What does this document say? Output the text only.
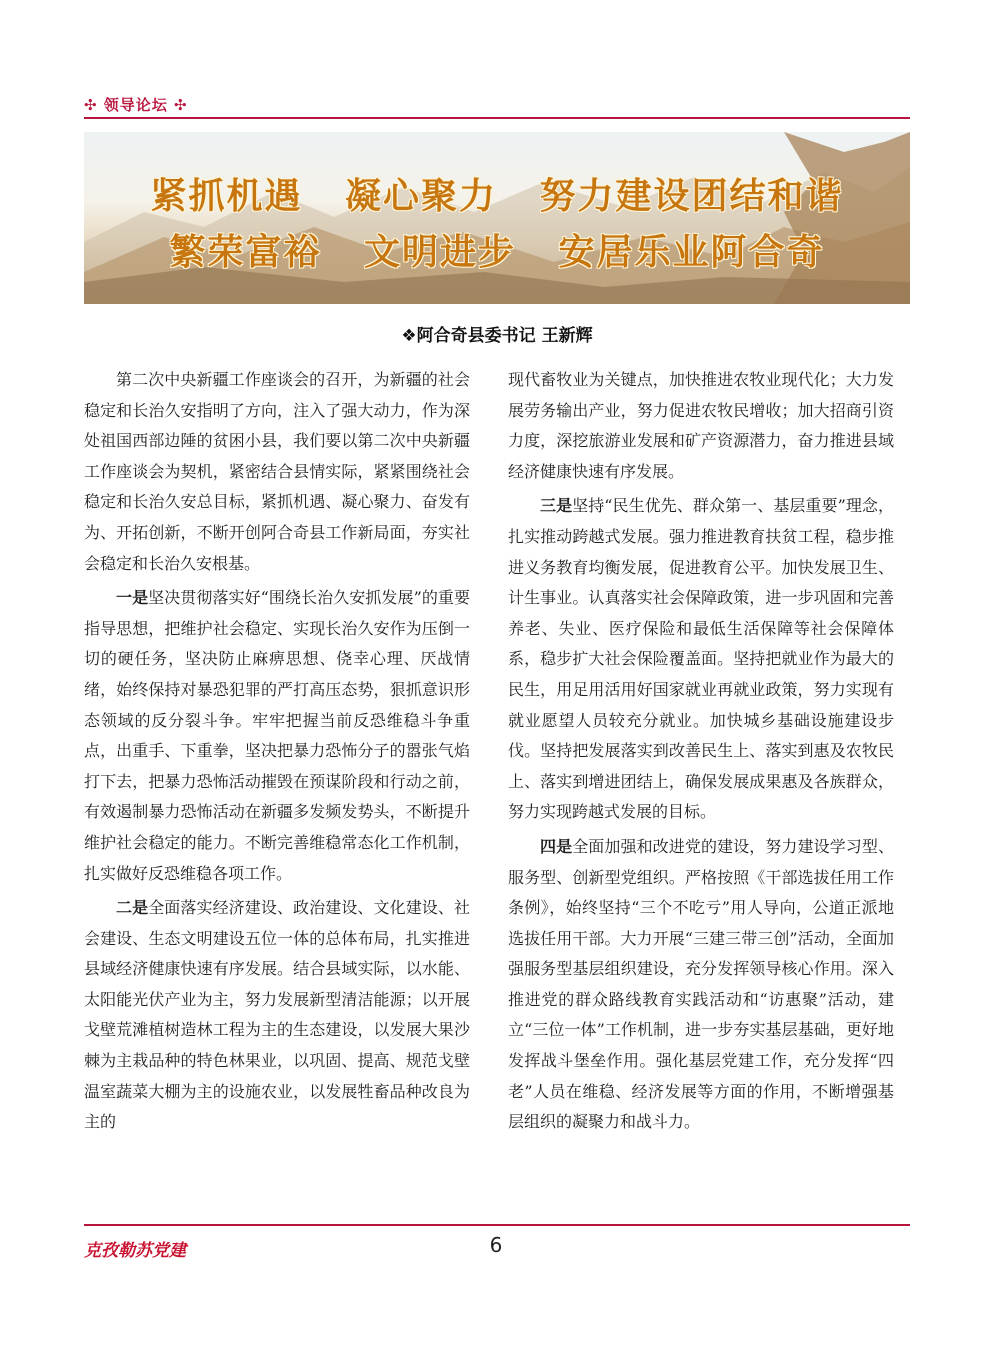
✣ 领导论坛 ✣
紧抓机遇 凝心聚力 努力建设团结和谐
繁荣富裕 文明进步 安居乐业阿合奇
❖阿合奇县委书记 王新辉

第二次中央新疆工作座谈会的召开，为新疆的社会稳定和长治久安指明了方向，注入了强大动力，作为深处祖国西部边陲的贫困小县，我们要以第二次中央新疆工作座谈会为契机，紧密结合县情实际，紧紧围绕社会稳定和长治久安总目标，紧抓机遇、凝心聚力、奋发有为、开拓创新，不断开创阿合奇县工作新局面，夯实社会稳定和长治久安根基。

一是坚决贯彻落实好“围绕长治久安抓发展”的重要指导思想，把维护社会稳定、实现长治久安作为压倒一切的硬任务，坚决防止麻痹思想、侥幸心理、厌战情绪，始终保持对暴恐犯罪的严打高压态势，狠抓意识形态领域的反分裂斗争。牢牢把握当前反恐维稳斗争重点，出重手、下重拳，坚决把暴力恐怖分子的嚣张气焰打下去，把暴力恐怖活动摧毁在预谋阶段和行动之前，有效遏制暴力恐怖活动在新疆多发频发势头，不断提升维护社会稳定的能力。不断完善维稳常态化工作机制，扎实做好反恐维稳各项工作。

二是全面落实经济建设、政治建设、文化建设、社会建设、生态文明建设五位一体的总体布局，扎实推进县域经济健康快速有序发展。结合县域实际，以水能、太阳能光伏产业为主，努力发展新型清洁能源；以开展戈壁荒滩植树造林工程为主的生态建设，以发展大果沙棘为主栽品种的特色林果业，以巩固、提高、规范戈壁温室蔬菜大棚为主的设施农业，以发展牲畜品种改良为主的

现代畜牧业为关键点，加快推进农牧业现代化；大力发展劳务输出产业，努力促进农牧民增收；加大招商引资力度，深挖旅游业发展和矿产资源潜力，奋力推进县域经济健康快速有序发展。

三是坚持“民生优先、群众第一、基层重要”理念，扎实推动跨越式发展。强力推进教育扶贫工程，稳步推进义务教育均衡发展，促进教育公平。加快发展卫生、计生事业。认真落实社会保障政策，进一步巩固和完善养老、失业、医疗保险和最低生活保障等社会保障体系，稳步扩大社会保险覆盖面。坚持把就业作为最大的民生，用足用活用好国家就业再就业政策，努力实现有就业愿望人员较充分就业。加快城乡基础设施建设步伐。坚持把发展落实到改善民生上、落实到惠及农牧民上、落实到增进团结上，确保发展成果惠及各族群众，努力实现跨越式发展的目标。

四是全面加强和改进党的建设，努力建设学习型、服务型、创新型党组织。严格按照《干部选拔任用工作条例》，始终坚持“三个不吃亏”用人导向，公道正派地选拔任用干部。大力开展“三建三带三创”活动，全面加强服务型基层组织建设，充分发挥领导核心作用。深入推进党的群众路线教育实践活动和“访惠聚”活动，建立“三位一体”工作机制，进一步夯实基层基础，更好地发挥战斗堡垒作用。强化基层党建工作，充分发挥“四老”人员在维稳、经济发展等方面的作用，不断增强基层组织的凝聚力和战斗力。

克孜勒苏党建	6
